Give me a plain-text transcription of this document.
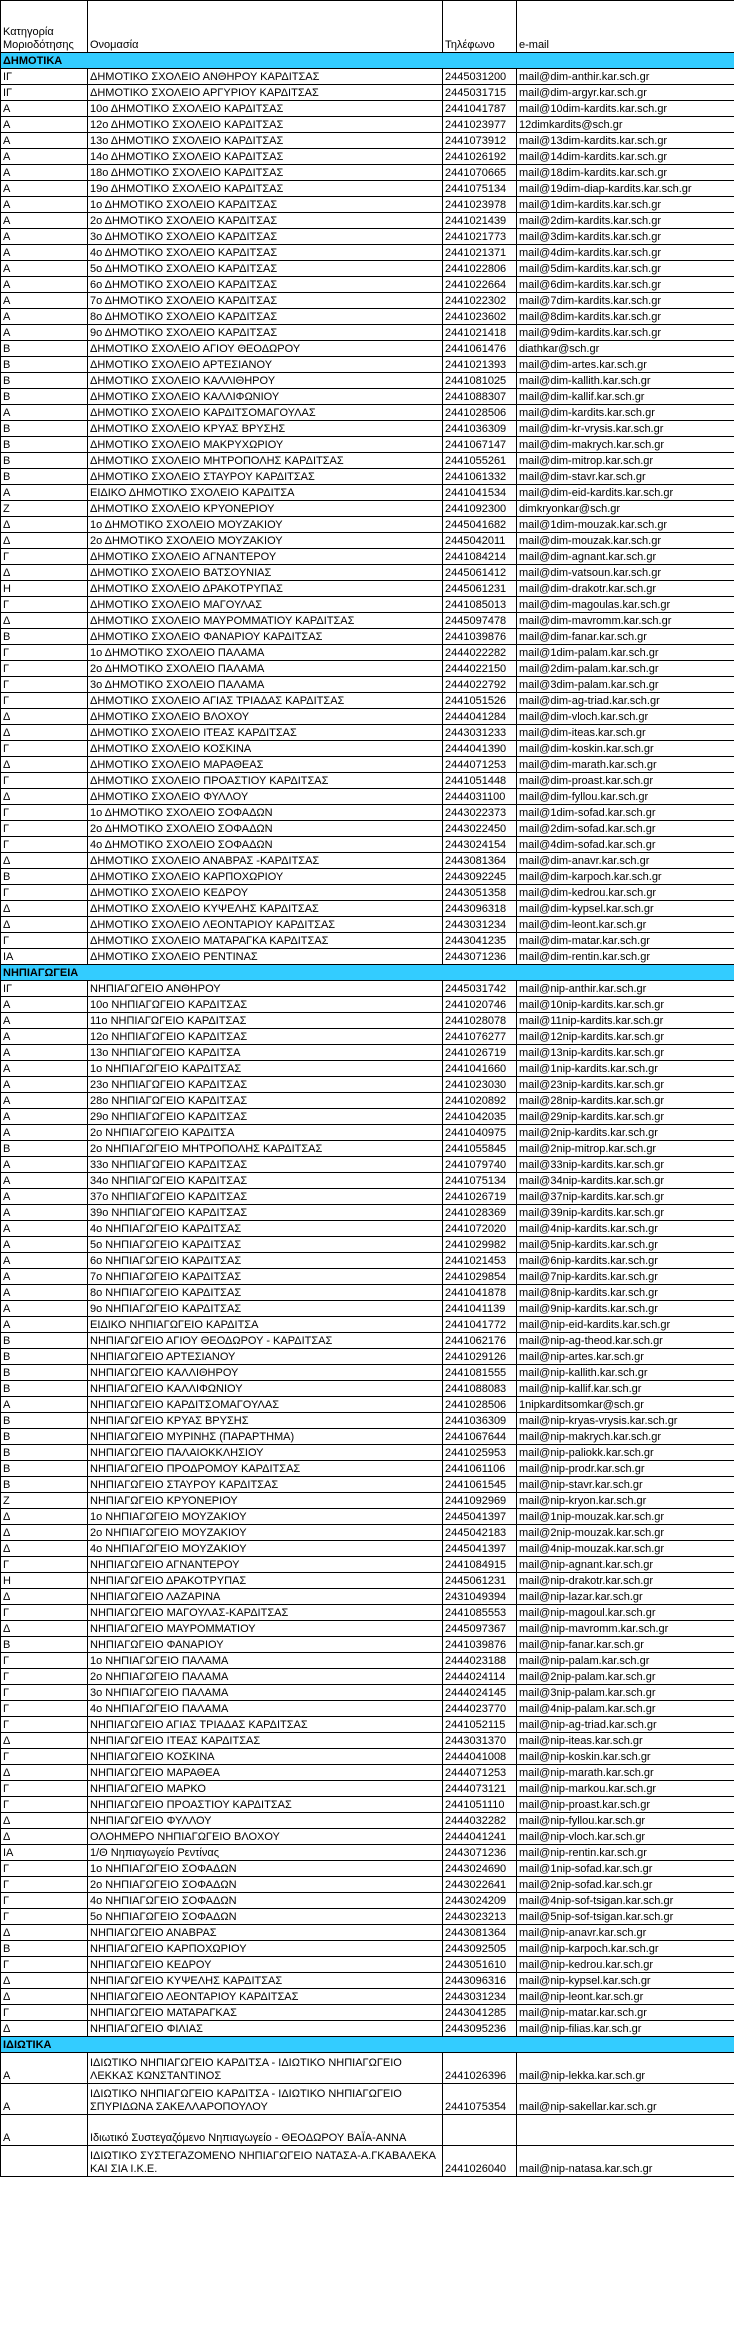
Κατηγορία Μοριοδότησης	Ονομασία	Τηλέφωνο	e-mail
ΔΗΜΟΤΙΚΑ			
ΙΓ	ΔΗΜΟΤΙΚΟ ΣΧΟΛΕΙΟ ΑΝΘΗΡΟΥ ΚΑΡΔΙΤΣΑΣ	2445031200	mail@dim-anthir.kar.sch.gr
ΙΓ	ΔΗΜΟΤΙΚΟ ΣΧΟΛΕΙΟ ΑΡΓΥΡΙΟΥ ΚΑΡΔΙΤΣΑΣ	2445031715	mail@dim-argyr.kar.sch.gr
Α	10ο ΔΗΜΟΤΙΚΟ ΣΧΟΛΕΙΟ ΚΑΡΔΙΤΣΑΣ	2441041787	mail@10dim-kardits.kar.sch.gr
Α	12ο ΔΗΜΟΤΙΚΟ ΣΧΟΛΕΙΟ ΚΑΡΔΙΤΣΑΣ	2441023977	12dimkardits@sch.gr
Α	13ο ΔΗΜΟΤΙΚΟ ΣΧΟΛΕΙΟ ΚΑΡΔΙΤΣΑΣ	2441073912	mail@13dim-kardits.kar.sch.gr
Α	14ο ΔΗΜΟΤΙΚΟ ΣΧΟΛΕΙΟ ΚΑΡΔΙΤΣΑΣ	2441026192	mail@14dim-kardits.kar.sch.gr
Α	18ο ΔΗΜΟΤΙΚΟ ΣΧΟΛΕΙΟ ΚΑΡΔΙΤΣΑΣ	2441070665	mail@18dim-kardits.kar.sch.gr
Α	19ο ΔΗΜΟΤΙΚΟ ΣΧΟΛΕΙΟ ΚΑΡΔΙΤΣΑΣ	2441075134	mail@19dim-diap-kardits.kar.sch.gr
Α	1ο ΔΗΜΟΤΙΚΟ ΣΧΟΛΕΙΟ ΚΑΡΔΙΤΣΑΣ	2441023978	mail@1dim-kardits.kar.sch.gr
Α	2ο ΔΗΜΟΤΙΚΟ ΣΧΟΛΕΙΟ ΚΑΡΔΙΤΣΑΣ	2441021439	mail@2dim-kardits.kar.sch.gr
Α	3ο ΔΗΜΟΤΙΚΟ ΣΧΟΛΕΙΟ ΚΑΡΔΙΤΣΑΣ	2441021773	mail@3dim-kardits.kar.sch.gr
Α	4ο ΔΗΜΟΤΙΚΟ ΣΧΟΛΕΙΟ ΚΑΡΔΙΤΣΑΣ	2441021371	mail@4dim-kardits.kar.sch.gr
Α	5ο ΔΗΜΟΤΙΚΟ ΣΧΟΛΕΙΟ ΚΑΡΔΙΤΣΑΣ	2441022806	mail@5dim-kardits.kar.sch.gr
Α	6ο ΔΗΜΟΤΙΚΟ ΣΧΟΛΕΙΟ ΚΑΡΔΙΤΣΑΣ	2441022664	mail@6dim-kardits.kar.sch.gr
Α	7ο ΔΗΜΟΤΙΚΟ ΣΧΟΛΕΙΟ ΚΑΡΔΙΤΣΑΣ	2441022302	mail@7dim-kardits.kar.sch.gr
Α	8ο ΔΗΜΟΤΙΚΟ ΣΧΟΛΕΙΟ ΚΑΡΔΙΤΣΑΣ	2441023602	mail@8dim-kardits.kar.sch.gr
Α	9ο ΔΗΜΟΤΙΚΟ ΣΧΟΛΕΙΟ ΚΑΡΔΙΤΣΑΣ	2441021418	mail@9dim-kardits.kar.sch.gr
Β	ΔΗΜΟΤΙΚΟ ΣΧΟΛΕΙΟ ΑΓΙΟΥ ΘΕΟΔΩΡΟΥ	2441061476	diathkar@sch.gr
Β	ΔΗΜΟΤΙΚΟ ΣΧΟΛΕΙΟ ΑΡΤΕΣΙΑΝΟΥ	2441021393	mail@dim-artes.kar.sch.gr
Β	ΔΗΜΟΤΙΚΟ ΣΧΟΛΕΙΟ ΚΑΛΛΙΘΗΡΟΥ	2441081025	mail@dim-kallith.kar.sch.gr
Β	ΔΗΜΟΤΙΚΟ ΣΧΟΛΕΙΟ ΚΑΛΛΙΦΩΝΙΟΥ	2441088307	mail@dim-kallif.kar.sch.gr
Α	ΔΗΜΟΤΙΚΟ ΣΧΟΛΕΙΟ ΚΑΡΔΙΤΣΟΜΑΓΟΥΛΑΣ	2441028506	mail@dim-kardits.kar.sch.gr
Β	ΔΗΜΟΤΙΚΟ ΣΧΟΛΕΙΟ ΚΡΥΑΣ ΒΡΥΣΗΣ	2441036309	mail@dim-kr-vrysis.kar.sch.gr
Β	ΔΗΜΟΤΙΚΟ ΣΧΟΛΕΙΟ ΜΑΚΡΥΧΩΡΙΟΥ	2441067147	mail@dim-makrych.kar.sch.gr
Β	ΔΗΜΟΤΙΚΟ ΣΧΟΛΕΙΟ ΜΗΤΡΟΠΟΛΗΣ ΚΑΡΔΙΤΣΑΣ	2441055261	mail@dim-mitrop.kar.sch.gr
Β	ΔΗΜΟΤΙΚΟ ΣΧΟΛΕΙΟ ΣΤΑΥΡΟΥ ΚΑΡΔΙΤΣΑΣ	2441061332	mail@dim-stavr.kar.sch.gr
Α	ΕΙΔΙΚΟ ΔΗΜΟΤΙΚΟ ΣΧΟΛΕΙΟ ΚΑΡΔΙΤΣΑ	2441041534	mail@dim-eid-kardits.kar.sch.gr
Ζ	ΔΗΜΟΤΙΚΟ ΣΧΟΛΕΙΟ ΚΡΥΟΝΕΡΙΟΥ	2441092300	dimkryonkar@sch.gr
Δ	1ο ΔΗΜΟΤΙΚΟ ΣΧΟΛΕΙΟ ΜΟΥΖΑΚΙΟΥ	2445041682	mail@1dim-mouzak.kar.sch.gr
Δ	2ο ΔΗΜΟΤΙΚΟ ΣΧΟΛΕΙΟ ΜΟΥΖΑΚΙΟΥ	2445042011	mail@dim-mouzak.kar.sch.gr
Γ	ΔΗΜΟΤΙΚΟ ΣΧΟΛΕΙΟ ΑΓΝΑΝΤΕΡΟΥ	2441084214	mail@dim-agnant.kar.sch.gr
Δ	ΔΗΜΟΤΙΚΟ ΣΧΟΛΕΙΟ ΒΑΤΣΟΥΝΙΑΣ	2445061412	mail@dim-vatsoun.kar.sch.gr
Η	ΔΗΜΟΤΙΚΟ ΣΧΟΛΕΙΟ ΔΡΑΚΟΤΡΥΠΑΣ	2445061231	mail@dim-drakotr.kar.sch.gr
Γ	ΔΗΜΟΤΙΚΟ ΣΧΟΛΕΙΟ ΜΑΓΟΥΛΑΣ	2441085013	mail@dim-magoulas.kar.sch.gr
Δ	ΔΗΜΟΤΙΚΟ ΣΧΟΛΕΙΟ ΜΑΥΡΟΜΜΑΤΙΟΥ ΚΑΡΔΙΤΣΑΣ	2445097478	mail@dim-mavromm.kar.sch.gr
Β	ΔΗΜΟΤΙΚΟ ΣΧΟΛΕΙΟ ΦΑΝΑΡΙΟΥ ΚΑΡΔΙΤΣΑΣ	2441039876	mail@dim-fanar.kar.sch.gr
Γ	1ο ΔΗΜΟΤΙΚΟ ΣΧΟΛΕΙΟ ΠΑΛΑΜΑ	2444022282	mail@1dim-palam.kar.sch.gr
Γ	2ο ΔΗΜΟΤΙΚΟ ΣΧΟΛΕΙΟ ΠΑΛΑΜΑ	2444022150	mail@2dim-palam.kar.sch.gr
Γ	3ο ΔΗΜΟΤΙΚΟ ΣΧΟΛΕΙΟ ΠΑΛΑΜΑ	2444022792	mail@3dim-palam.kar.sch.gr
Γ	ΔΗΜΟΤΙΚΟ ΣΧΟΛΕΙΟ ΑΓΙΑΣ ΤΡΙΑΔΑΣ ΚΑΡΔΙΤΣΑΣ	2441051526	mail@dim-ag-triad.kar.sch.gr
Δ	ΔΗΜΟΤΙΚΟ ΣΧΟΛΕΙΟ ΒΛΟΧΟΥ	2444041284	mail@dim-vloch.kar.sch.gr
Δ	ΔΗΜΟΤΙΚΟ ΣΧΟΛΕΙΟ ΙΤΕΑΣ ΚΑΡΔΙΤΣΑΣ	2443031233	mail@dim-iteas.kar.sch.gr
Γ	ΔΗΜΟΤΙΚΟ ΣΧΟΛΕΙΟ ΚΟΣΚΙΝΑ	2444041390	mail@dim-koskin.kar.sch.gr
Δ	ΔΗΜΟΤΙΚΟ ΣΧΟΛΕΙΟ ΜΑΡΑΘΕΑΣ	2444071253	mail@dim-marath.kar.sch.gr
Γ	ΔΗΜΟΤΙΚΟ ΣΧΟΛΕΙΟ ΠΡΟΑΣΤΙΟΥ ΚΑΡΔΙΤΣΑΣ	2441051448	mail@dim-proast.kar.sch.gr
Δ	ΔΗΜΟΤΙΚΟ ΣΧΟΛΕΙΟ ΦΥΛΛΟΥ	2444031100	mail@dim-fyllou.kar.sch.gr
Γ	1ο ΔΗΜΟΤΙΚΟ ΣΧΟΛΕΙΟ ΣΟΦΑΔΩΝ	2443022373	mail@1dim-sofad.kar.sch.gr
Γ	2ο ΔΗΜΟΤΙΚΟ ΣΧΟΛΕΙΟ ΣΟΦΑΔΩΝ	2443022450	mail@2dim-sofad.kar.sch.gr
Γ	4ο ΔΗΜΟΤΙΚΟ ΣΧΟΛΕΙΟ ΣΟΦΑΔΩΝ	2443024154	mail@4dim-sofad.kar.sch.gr
Δ	ΔΗΜΟΤΙΚΟ ΣΧΟΛΕΙΟ ΑΝΑΒΡΑΣ -ΚΑΡΔΙΤΣΑΣ	2443081364	mail@dim-anavr.kar.sch.gr
Β	ΔΗΜΟΤΙΚΟ ΣΧΟΛΕΙΟ ΚΑΡΠΟΧΩΡΙΟΥ	2443092245	mail@dim-karpoch.kar.sch.gr
Γ	ΔΗΜΟΤΙΚΟ ΣΧΟΛΕΙΟ ΚΕΔΡΟΥ	2443051358	mail@dim-kedrou.kar.sch.gr
Δ	ΔΗΜΟΤΙΚΟ ΣΧΟΛΕΙΟ ΚΥΨΕΛΗΣ ΚΑΡΔΙΤΣΑΣ	2443096318	mail@dim-kypsel.kar.sch.gr
Δ	ΔΗΜΟΤΙΚΟ ΣΧΟΛΕΙΟ ΛΕΟΝΤΑΡΙΟΥ ΚΑΡΔΙΤΣΑΣ	2443031234	mail@dim-leont.kar.sch.gr
Γ	ΔΗΜΟΤΙΚΟ ΣΧΟΛΕΙΟ ΜΑΤΑΡΑΓΚΑ ΚΑΡΔΙΤΣΑΣ	2443041235	mail@dim-matar.kar.sch.gr
ΙΑ	ΔΗΜΟΤΙΚΟ ΣΧΟΛΕΙΟ ΡΕΝΤΙΝΑΣ	2443071236	mail@dim-rentin.kar.sch.gr
ΝΗΠΙΑΓΩΓΕΙΑ			
ΙΓ	ΝΗΠΙΑΓΩΓΕΙΟ ΑΝΘΗΡΟΥ	2445031742	mail@nip-anthir.kar.sch.gr
Α	10ο ΝΗΠΙΑΓΩΓΕΙΟ ΚΑΡΔΙΤΣΑΣ	2441020746	mail@10nip-kardits.kar.sch.gr
Α	11ο ΝΗΠΙΑΓΩΓΕΙΟ ΚΑΡΔΙΤΣΑΣ	2441028078	mail@11nip-kardits.kar.sch.gr
Α	12ο ΝΗΠΙΑΓΩΓΕΙΟ ΚΑΡΔΙΤΣΑΣ	2441076277	mail@12nip-kardits.kar.sch.gr
Α	13ο ΝΗΠΙΑΓΩΓΕΙΟ ΚΑΡΔΙΤΣΑ	2441026719	mail@13nip-kardits.kar.sch.gr
Α	1ο ΝΗΠΙΑΓΩΓΕΙΟ ΚΑΡΔΙΤΣΑΣ	2441041660	mail@1nip-kardits.kar.sch.gr
Α	23ο ΝΗΠΙΑΓΩΓΕΙΟ ΚΑΡΔΙΤΣΑΣ	2441023030	mail@23nip-kardits.kar.sch.gr
Α	28ο ΝΗΠΙΑΓΩΓΕΙΟ ΚΑΡΔΙΤΣΑΣ	2441020892	mail@28nip-kardits.kar.sch.gr
Α	29ο ΝΗΠΙΑΓΩΓΕΙΟ ΚΑΡΔΙΤΣΑΣ	2441042035	mail@29nip-kardits.kar.sch.gr
Α	2ο ΝΗΠΙΑΓΩΓΕΙΟ ΚΑΡΔΙΤΣΑ	2441040975	mail@2nip-kardits.kar.sch.gr
Β	2ο ΝΗΠΙΑΓΩΓΕΙΟ ΜΗΤΡΟΠΟΛΗΣ ΚΑΡΔΙΤΣΑΣ	2441055845	mail@2nip-mitrop.kar.sch.gr
Α	33ο ΝΗΠΙΑΓΩΓΕΙΟ ΚΑΡΔΙΤΣΑΣ	2441079740	mail@33nip-kardits.kar.sch.gr
Α	34ο ΝΗΠΙΑΓΩΓΕΙΟ ΚΑΡΔΙΤΣΑΣ	2441075134	mail@34nip-kardits.kar.sch.gr
Α	37ο ΝΗΠΙΑΓΩΓΕΙΟ ΚΑΡΔΙΤΣΑΣ	2441026719	mail@37nip-kardits.kar.sch.gr
Α	39ο ΝΗΠΙΑΓΩΓΕΙΟ ΚΑΡΔΙΤΣΑΣ	2441028369	mail@39nip-kardits.kar.sch.gr
Α	4ο ΝΗΠΙΑΓΩΓΕΙΟ ΚΑΡΔΙΤΣΑΣ	2441072020	mail@4nip-kardits.kar.sch.gr
Α	5ο ΝΗΠΙΑΓΩΓΕΙΟ ΚΑΡΔΙΤΣΑΣ	2441029982	mail@5nip-kardits.kar.sch.gr
Α	6ο ΝΗΠΙΑΓΩΓΕΙΟ ΚΑΡΔΙΤΣΑΣ	2441021453	mail@6nip-kardits.kar.sch.gr
Α	7ο ΝΗΠΙΑΓΩΓΕΙΟ ΚΑΡΔΙΤΣΑΣ	2441029854	mail@7nip-kardits.kar.sch.gr
Α	8ο ΝΗΠΙΑΓΩΓΕΙΟ ΚΑΡΔΙΤΣΑΣ	2441041878	mail@8nip-kardits.kar.sch.gr
Α	9ο ΝΗΠΙΑΓΩΓΕΙΟ ΚΑΡΔΙΤΣΑΣ	2441041139	mail@9nip-kardits.kar.sch.gr
Α	ΕΙΔΙΚΟ ΝΗΠΙΑΓΩΓΕΙΟ ΚΑΡΔΙΤΣΑ	2441041772	mail@nip-eid-kardits.kar.sch.gr
Β	ΝΗΠΙΑΓΩΓΕΙΟ ΑΓΙΟΥ ΘΕΟΔΩΡΟΥ - ΚΑΡΔΙΤΣΑΣ	2441062176	mail@nip-ag-theod.kar.sch.gr
Β	ΝΗΠΙΑΓΩΓΕΙΟ ΑΡΤΕΣΙΑΝΟΥ	2441029126	mail@nip-artes.kar.sch.gr
Β	ΝΗΠΙΑΓΩΓΕΙΟ ΚΑΛΛΙΘΗΡΟΥ	2441081555	mail@nip-kallith.kar.sch.gr
Β	ΝΗΠΙΑΓΩΓΕΙΟ ΚΑΛΛΙΦΩΝΙΟΥ	2441088083	mail@nip-kallif.kar.sch.gr
Α	ΝΗΠΙΑΓΩΓΕΙΟ ΚΑΡΔΙΤΣΟΜΑΓΟΥΛΑΣ	2441028506	1nipkarditsomkar@sch.gr
Β	ΝΗΠΙΑΓΩΓΕΙΟ ΚΡΥΑΣ ΒΡΥΣΗΣ	2441036309	mail@nip-kryas-vrysis.kar.sch.gr
Β	ΝΗΠΙΑΓΩΓΕΙΟ ΜΥΡΙΝΗΣ (ΠΑΡΑΡΤΗΜΑ)	2441067644	mail@nip-makrych.kar.sch.gr
Β	ΝΗΠΙΑΓΩΓΕΙΟ ΠΑΛΑΙΟΚΚΛΗΣΙΟΥ	2441025953	mail@nip-paliokk.kar.sch.gr
Β	ΝΗΠΙΑΓΩΓΕΙΟ ΠΡΟΔΡΟΜΟΥ ΚΑΡΔΙΤΣΑΣ	2441061106	mail@nip-prodr.kar.sch.gr
Β	ΝΗΠΙΑΓΩΓΕΙΟ ΣΤΑΥΡΟΥ ΚΑΡΔΙΤΣΑΣ	2441061545	mail@nip-stavr.kar.sch.gr
Ζ	ΝΗΠΙΑΓΩΓΕΙΟ ΚΡΥΟΝΕΡΙΟΥ	2441092969	mail@nip-kryon.kar.sch.gr
Δ	1ο ΝΗΠΙΑΓΩΓΕΙΟ ΜΟΥΖΑΚΙΟΥ	2445041397	mail@1nip-mouzak.kar.sch.gr
Δ	2ο ΝΗΠΙΑΓΩΓΕΙΟ ΜΟΥΖΑΚΙΟΥ	2445042183	mail@2nip-mouzak.kar.sch.gr
Δ	4ο ΝΗΠΙΑΓΩΓΕΙΟ ΜΟΥΖΑΚΙΟΥ	2445041397	mail@4nip-mouzak.kar.sch.gr
Γ	ΝΗΠΙΑΓΩΓΕΙΟ ΑΓΝΑΝΤΕΡΟΥ	2441084915	mail@nip-agnant.kar.sch.gr
Η	ΝΗΠΙΑΓΩΓΕΙΟ ΔΡΑΚΟΤΡΥΠΑΣ	2445061231	mail@nip-drakotr.kar.sch.gr
Δ	ΝΗΠΙΑΓΩΓΕΙΟ ΛΑΖΑΡΙΝΑ	2431049394	mail@nip-lazar.kar.sch.gr
Γ	ΝΗΠΙΑΓΩΓΕΙΟ ΜΑΓΟΥΛΑΣ-ΚΑΡΔΙΤΣΑΣ	2441085553	mail@nip-magoul.kar.sch.gr
Δ	ΝΗΠΙΑΓΩΓΕΙΟ ΜΑΥΡΟΜΜΑΤΙΟΥ	2445097367	mail@nip-mavromm.kar.sch.gr
Β	ΝΗΠΙΑΓΩΓΕΙΟ ΦΑΝΑΡΙΟΥ	2441039876	mail@nip-fanar.kar.sch.gr
Γ	1ο ΝΗΠΙΑΓΩΓΕΙΟ ΠΑΛΑΜΑ	2444023188	mail@nip-palam.kar.sch.gr
Γ	2ο ΝΗΠΙΑΓΩΓΕΙΟ ΠΑΛΑΜΑ	2444024114	mail@2nip-palam.kar.sch.gr
Γ	3ο ΝΗΠΙΑΓΩΓΕΙΟ ΠΑΛΑΜΑ	2444024145	mail@3nip-palam.kar.sch.gr
Γ	4ο ΝΗΠΙΑΓΩΓΕΙΟ ΠΑΛΑΜΑ	2444023770	mail@4nip-palam.kar.sch.gr
Γ	ΝΗΠΙΑΓΩΓΕΙΟ ΑΓΙΑΣ ΤΡΙΑΔΑΣ ΚΑΡΔΙΤΣΑΣ	2441052115	mail@nip-ag-triad.kar.sch.gr
Δ	ΝΗΠΙΑΓΩΓΕΙΟ ΙΤΕΑΣ ΚΑΡΔΙΤΣΑΣ	2443031370	mail@nip-iteas.kar.sch.gr
Γ	ΝΗΠΙΑΓΩΓΕΙΟ ΚΟΣΚΙΝΑ	2444041008	mail@nip-koskin.kar.sch.gr
Δ	ΝΗΠΙΑΓΩΓΕΙΟ ΜΑΡΑΘΕΑ	2444071253	mail@nip-marath.kar.sch.gr
Γ	ΝΗΠΙΑΓΩΓΕΙΟ ΜΑΡΚΟ	2444073121	mail@nip-markou.kar.sch.gr
Γ	ΝΗΠΙΑΓΩΓΕΙΟ ΠΡΟΑΣΤΙΟΥ ΚΑΡΔΙΤΣΑΣ	2441051110	mail@nip-proast.kar.sch.gr
Δ	ΝΗΠΙΑΓΩΓΕΙΟ ΦΥΛΛΟΥ	2444032282	mail@nip-fyllou.kar.sch.gr
Δ	ΟΛΟΗΜΕΡΟ ΝΗΠΙΑΓΩΓΕΙΟ ΒΛΟΧΟΥ	2444041241	mail@nip-vloch.kar.sch.gr
ΙΑ	1/Θ Νηπιαγωγείο Ρεντίνας	2443071236	mail@nip-rentin.kar.sch.gr
Γ	1ο ΝΗΠΙΑΓΩΓΕΙΟ ΣΟΦΑΔΩΝ	2443024690	mail@1nip-sofad.kar.sch.gr
Γ	2ο ΝΗΠΙΑΓΩΓΕΙΟ ΣΟΦΑΔΩΝ	2443022641	mail@2nip-sofad.kar.sch.gr
Γ	4ο ΝΗΠΙΑΓΩΓΕΙΟ ΣΟΦΑΔΩΝ	2443024209	mail@4nip-sof-tsigan.kar.sch.gr
Γ	5ο ΝΗΠΙΑΓΩΓΕΙΟ ΣΟΦΑΔΩΝ	2443023213	mail@5nip-sof-tsigan.kar.sch.gr
Δ	ΝΗΠΙΑΓΩΓΕΙΟ ΑΝΑΒΡΑΣ	2443081364	mail@nip-anavr.kar.sch.gr
Β	ΝΗΠΙΑΓΩΓΕΙΟ ΚΑΡΠΟΧΩΡΙΟΥ	2443092505	mail@nip-karpoch.kar.sch.gr
Γ	ΝΗΠΙΑΓΩΓΕΙΟ ΚΕΔΡΟΥ	2443051610	mail@nip-kedrou.kar.sch.gr
Δ	ΝΗΠΙΑΓΩΓΕΙΟ ΚΥΨΕΛΗΣ ΚΑΡΔΙΤΣΑΣ	2443096316	mail@nip-kypsel.kar.sch.gr
Δ	ΝΗΠΙΑΓΩΓΕΙΟ ΛΕΟΝΤΑΡΙΟΥ ΚΑΡΔΙΤΣΑΣ	2443031234	mail@nip-leont.kar.sch.gr
Γ	ΝΗΠΙΑΓΩΓΕΙΟ ΜΑΤΑΡΑΓΚΑΣ	2443041285	mail@nip-matar.kar.sch.gr
Δ	ΝΗΠΙΑΓΩΓΕΙΟ ΦΙΛΙΑΣ	2443095236	mail@nip-filias.kar.sch.gr
ΙΔΙΩΤΙΚΑ			
Α	ΙΔΙΩΤΙΚΟ ΝΗΠΙΑΓΩΓΕΙΟ ΚΑΡΔΙΤΣΑ - ΙΔΙΩΤΙΚΟ ΝΗΠΙΑΓΩΓΕΙΟ ΛΕΚΚΑΣ ΚΩΝΣΤΑΝΤΙΝΟΣ	2441026396	mail@nip-lekka.kar.sch.gr
Α	ΙΔΙΩΤΙΚΟ ΝΗΠΙΑΓΩΓΕΙΟ ΚΑΡΔΙΤΣΑ - ΙΔΙΩΤΙΚΟ ΝΗΠΙΑΓΩΓΕΙΟ ΣΠΥΡΙΔΩΝΑ ΣΑΚΕΛΛΑΡΟΠΟΥΛΟΥ	2441075354	mail@nip-sakellar.kar.sch.gr
Α	Ιδιωτικό Συστεγαζόμενο Νηπιαγωγείο - ΘΕΟΔΩΡΟΥ ΒΑΪΑ-ΑΝΝΑ		
	ΙΔΙΩΤΙΚΟ ΣΥΣΤΕΓΑΖΟΜΕΝΟ ΝΗΠΙΑΓΩΓΕΙΟ ΝΑΤΑΣΑ-Α.ΓΚΑΒΑΛΕΚΑ ΚΑΙ ΣΙΑ Ι.Κ.Ε.	2441026040	mail@nip-natasa.kar.sch.gr
